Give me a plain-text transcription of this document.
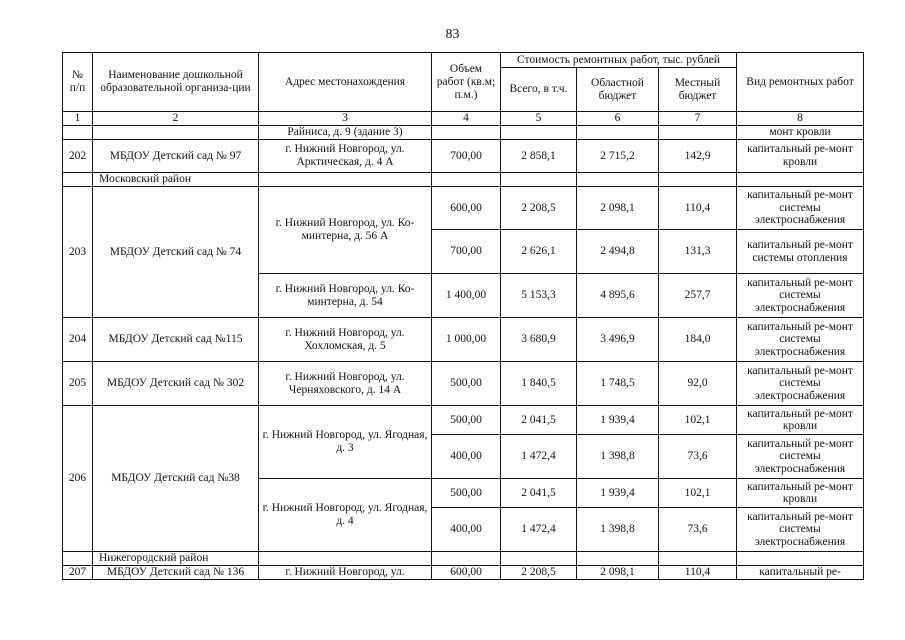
83
№ п/п	Наименование дошкольной образовательной организа-ции	Адрес местонахождения	Объем работ (кв.м; п.м.)	Стоимость ремонтных работ, тыс. рублей			Вид ремонтных работ
				Всего, в т.ч.	Областной бюджет	Местный бюджет	
1	2	3	4	5	6	7	8
		Райниса, д. 9 (здание 3)					монт кровли
202	МБДОУ Детский сад № 97	г. Нижний Новгород, ул. Арктическая, д. 4 А	700,00	2 858,1	2 715,2	142,9	капитальный ре-монт кровли
	Московский район						
203	МБДОУ Детский сад № 74	г. Нижний Новгород, ул. Ко-минтерна, д. 56 А	600,00	2 208,5	2 098,1	110,4	капитальный ре-монт системы электроснабжения
			700,00	2 626,1	2 494,8	131,3	капитальный ре-монт системы отопления
		г. Нижний Новгород, ул. Ко-минтерна, д. 54	1 400,00	5 153,3	4 895,6	257,7	капитальный ре-монт системы электроснабжения
204	МБДОУ Детский сад №115	г. Нижний Новгород, ул. Хохломская, д. 5	1 000,00	3 680,9	3 496,9	184,0	капитальный ре-монт системы электроснабжения
205	МБДОУ Детский сад № 302	г. Нижний Новгород, ул. Черняховского, д. 14 А	500,00	1 840,5	1 748,5	92,0	капитальный ре-монт системы электроснабжения
206	МБДОУ Детский сад №38	г. Нижний Новгород, ул. Ягодная, д. 3	500,00	2 041,5	1 939,4	102,1	капитальный ре-монт кровли
			400,00	1 472,4	1 398,8	73,6	капитальный ре-монт системы электроснабжения
		г. Нижний Новгород, ул. Ягодная, д. 4	500,00	2 041,5	1 939,4	102,1	капитальный ре-монт кровли
			400,00	1 472,4	1 398,8	73,6	капитальный ре-монт системы электроснабжения
	Нижегородский район						
207	МБДОУ Детский сад № 136	г. Нижний Новгород, ул.	600,00	2 208,5	2 098,1	110,4	капитальный ре-
